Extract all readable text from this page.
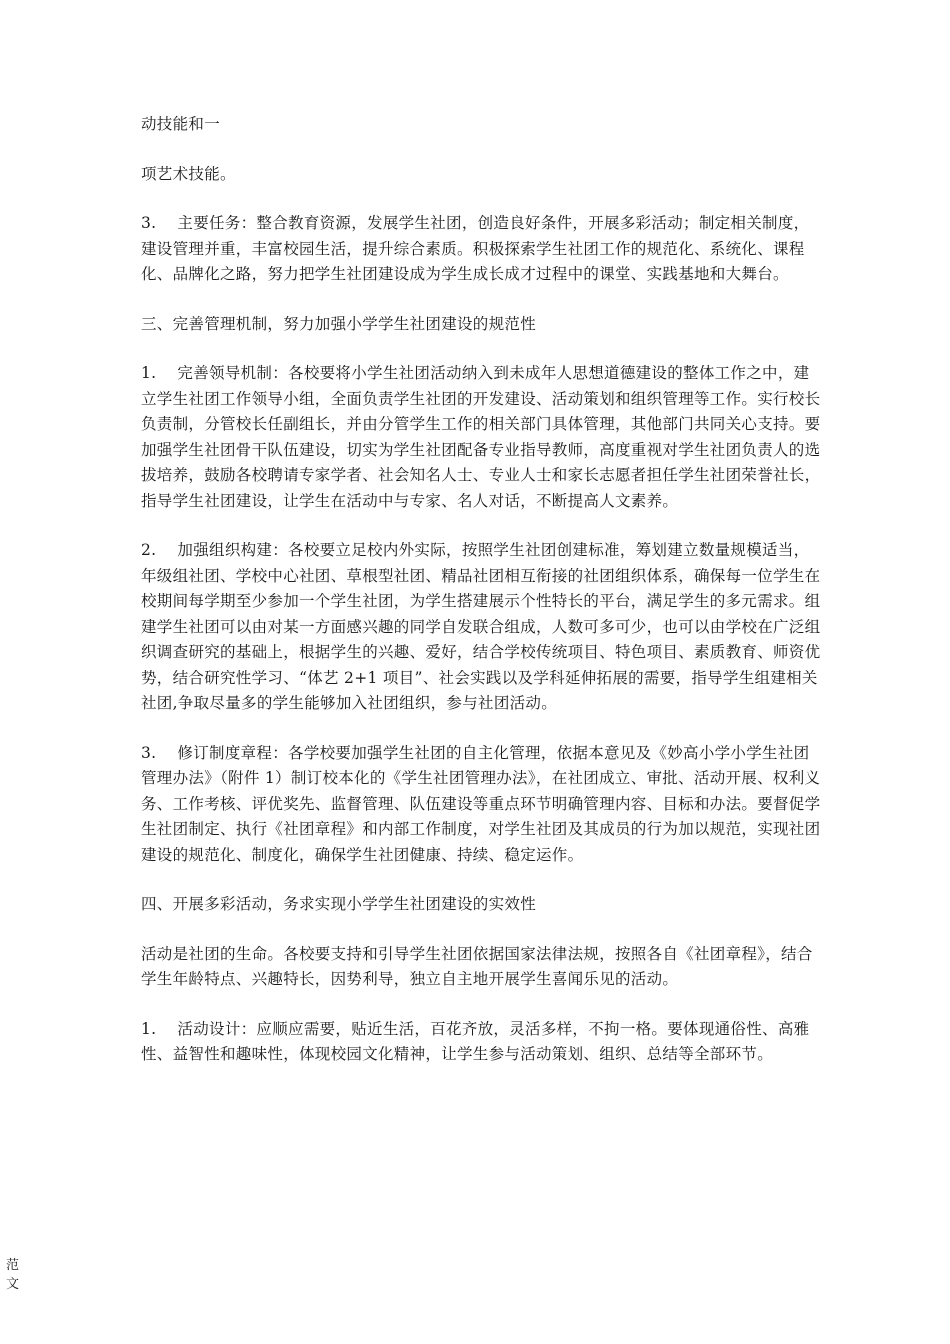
动技能和一

项艺术技能。

3.　 主要任务：整合教育资源，发展学生社团，创造良好条件，开展多彩活动；制定相关制度，建设管理并重，丰富校园生活，提升综合素质。积极探索学生社团工作的规范化、系统化、课程化、品牌化之路，努力把学生社团建设成为学生成长成才过程中的课堂、实践基地和大舞台。

三、完善管理机制，努力加强小学学生社团建设的规范性

1.　 完善领导机制：各校要将小学生社团活动纳入到未成年人思想道德建设的整体工作之中，建立学生社团工作领导小组，全面负责学生社团的开发建设、活动策划和组织管理等工作。实行校长负责制，分管校长任副组长，并由分管学生工作的相关部门具体管理，其他部门共同关心支持。要加强学生社团骨干队伍建设，切实为学生社团配备专业指导教师，高度重视对学生社团负责人的选拔培养，鼓励各校聘请专家学者、社会知名人士、专业人士和家长志愿者担任学生社团荣誉社长，指导学生社团建设，让学生在活动中与专家、名人对话，不断提高人文素养。

2.　 加强组织构建：各校要立足校内外实际，按照学生社团创建标准，筹划建立数量规模适当，年级组社团、学校中心社团、草根型社团、精品社团相互衔接的社团组织体系，确保每一位学生在校期间每学期至少参加一个学生社团，为学生搭建展示个性特长的平台，满足学生的多元需求。组建学生社团可以由对某一方面感兴趣的同学自发联合组成，人数可多可少，也可以由学校在广泛组织调查研究的基础上，根据学生的兴趣、爱好，结合学校传统项目、特色项目、素质教育、师资优势，结合研究性学习、“体艺 2+1 项目”、社会实践以及学科延伸拓展的需要，指导学生组建相关社团,争取尽量多的学生能够加入社团组织，参与社团活动。

3.　 修订制度章程：各学校要加强学生社团的自主化管理，依据本意见及《妙高小学小学生社团管理办法》（附件 1）制订校本化的《学生社团管理办法》，在社团成立、审批、活动开展、权利义务、工作考核、评优奖先、监督管理、队伍建设等重点环节明确管理内容、目标和办法。要督促学生社团制定、执行《社团章程》和内部工作制度，对学生社团及其成员的行为加以规范，实现社团建设的规范化、制度化，确保学生社团健康、持续、稳定运作。

四、开展多彩活动，务求实现小学学生社团建设的实效性

活动是社团的生命。各校要支持和引导学生社团依据国家法律法规，按照各自《社团章程》，结合学生年龄特点、兴趣特长，因势利导，独立自主地开展学生喜闻乐见的活动。

1.　 活动设计：应顺应需要，贴近生活，百花齐放，灵活多样，不拘一格。要体现通俗性、高雅性、益智性和趣味性，体现校园文化精神，让学生参与活动策划、组织、总结等全部环节。

范文
